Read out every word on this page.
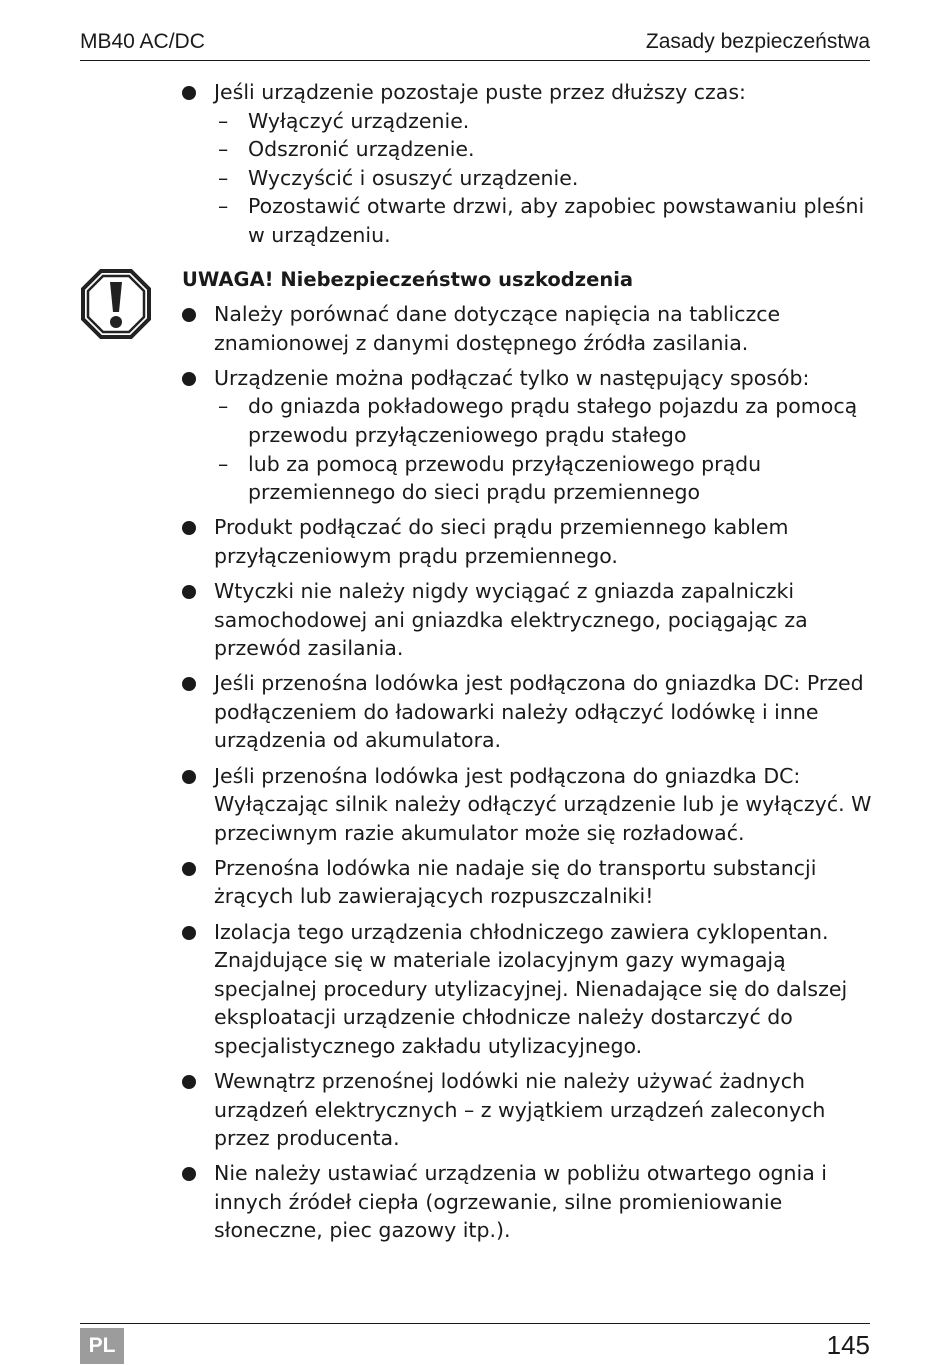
MB40 AC/DC	Zasady bezpieczeństwa
Jeśli urządzenie pozostaje puste przez dłuższy czas:
– Wyłączyć urządzenie.
– Odszronić urządzenie.
– Wyczyścić i osuszyć urządzenie.
– Pozostawić otwarte drzwi, aby zapobiec powstawaniu pleśni w urządzeniu.
UWAGA! Niebezpieczeństwo uszkodzenia
Należy porównać dane dotyczące napięcia na tabliczce znamionowej z danymi dostępnego źródła zasilania.
Urządzenie można podłączać tylko w następujący sposób:
– do gniazda pokładowego prądu stałego pojazdu za pomocą przewodu przyłączeniowego prądu stałego
– lub za pomocą przewodu przyłączeniowego prądu przemiennego do sieci prądu przemiennego
Produkt podłączać do sieci prądu przemiennego kablem przyłączeniowym prądu przemiennego.
Wtyczki nie należy nigdy wyciągać z gniazda zapalniczki samochodowej ani gniazdka elektrycznego, pociągając za przewód zasilania.
Jeśli przenośna lodówka jest podłączona do gniazdka DC: Przed podłączeniem do ładowarki należy odłączyć lodówkę i inne urządzenia od akumulatora.
Jeśli przenośna lodówka jest podłączona do gniazdka DC: Wyłączając silnik należy odłączyć urządzenie lub je wyłączyć. W przeciwnym razie akumulator może się rozładować.
Przenośna lodówka nie nadaje się do transportu substancji żrących lub zawierających rozpuszczalniki!
Izolacja tego urządzenia chłodniczego zawiera cyklopentan. Znajdujące się w materiale izolacyjnym gazy wymagają specjalnej procedury utylizacyjnej. Nienadające się do dalszej eksploatacji urządzenie chłodnicze należy dostarczyć do specjalistycznego zakładu utylizacyjnego.
Wewnątrz przenośnej lodówki nie należy używać żadnych urządzeń elektrycznych – z wyjątkiem urządzeń zaleconych przez producenta.
Nie należy ustawiać urządzenia w pobliżu otwartego ognia i innych źródeł ciepła (ogrzewanie, silne promieniowanie słoneczne, piec gazowy itp.).
PL	145
